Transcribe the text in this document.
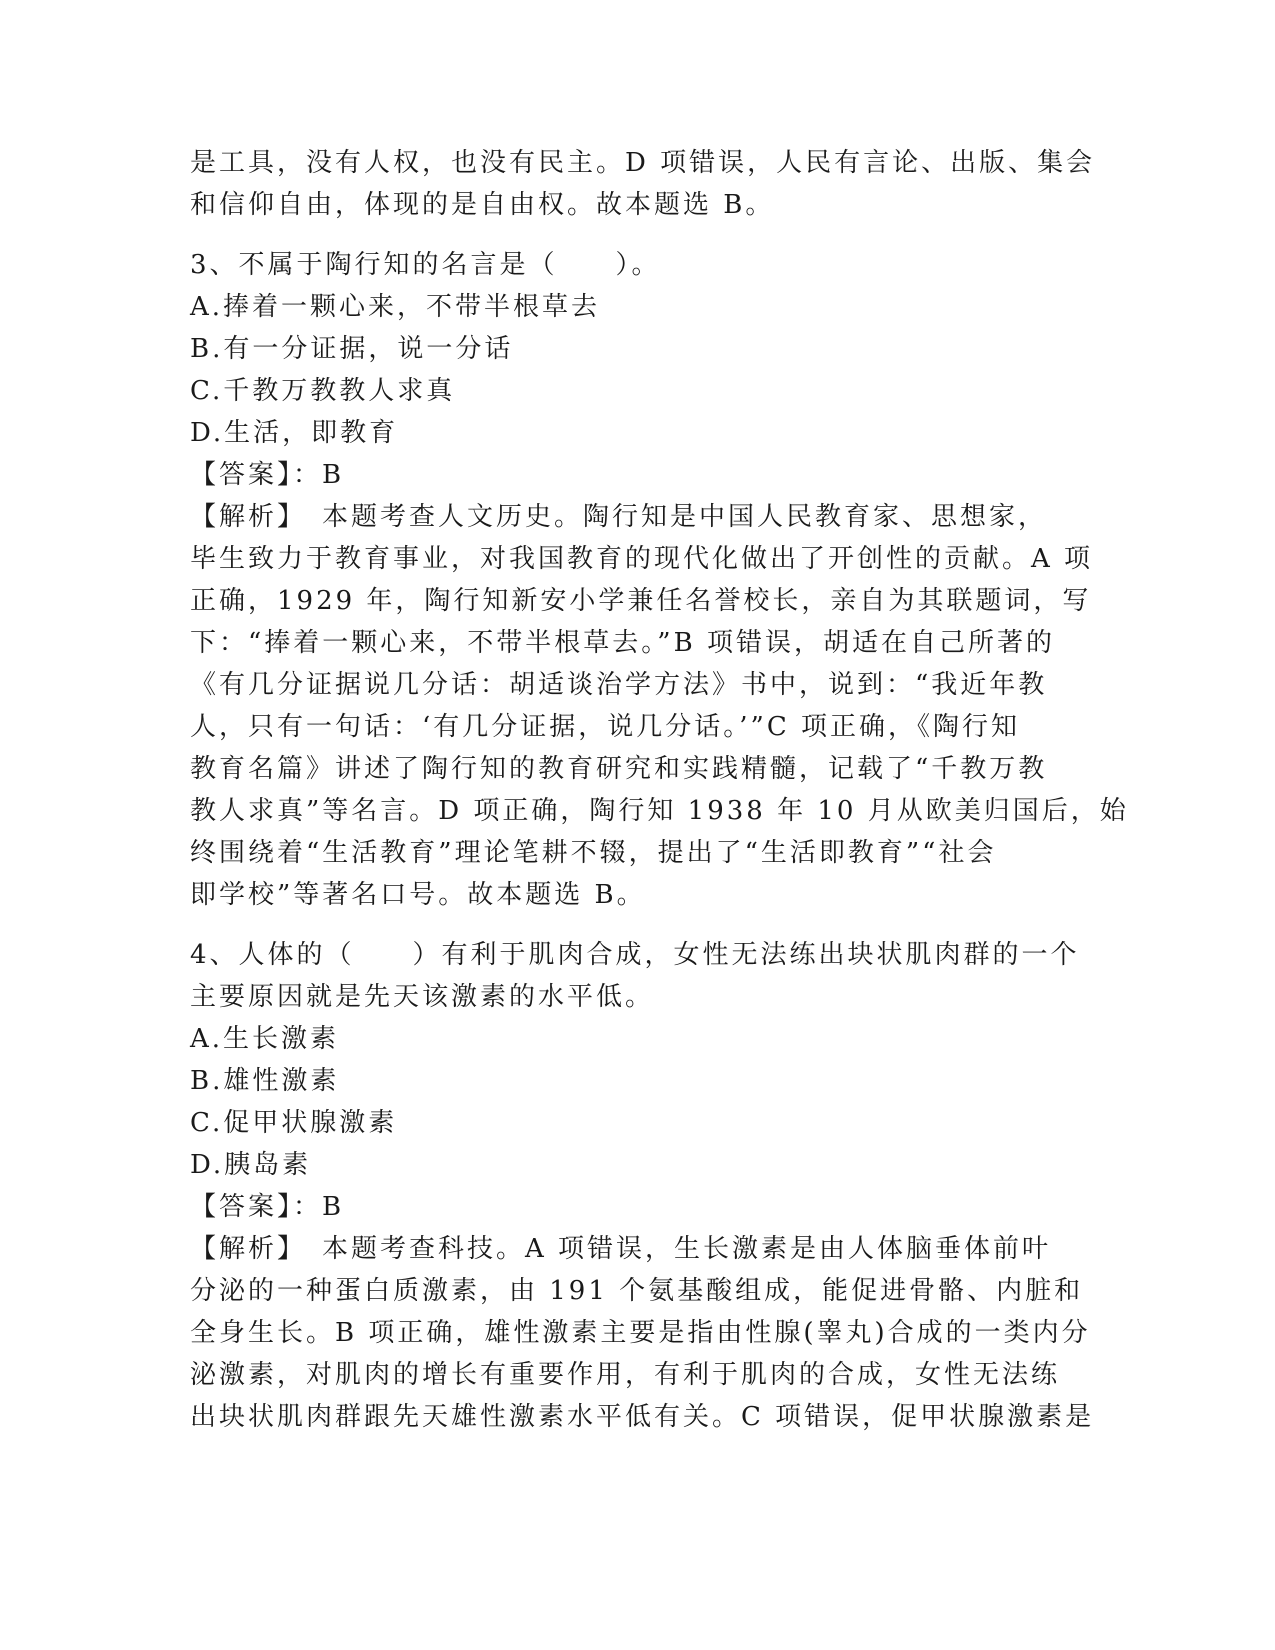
是工具，没有人权，也没有民主。D 项错误，人民有言论、出版、集会
和信仰自由，体现的是自由权。故本题选 B。
3、不属于陶行知的名言是（　　）。
A.捧着一颗心来，不带半根草去
B.有一分证据，说一分话
C.千教万教教人求真
D.生活，即教育
【答案】：B
【解析】　本题考查人文历史。陶行知是中国人民教育家、思想家，
毕生致力于教育事业，对我国教育的现代化做出了开创性的贡献。A 项
正确，1929 年，陶行知新安小学兼任名誉校长，亲自为其联题词，写
下：“捧着一颗心来，不带半根草去。”B 项错误，胡适在自己所著的
《有几分证据说几分话：胡适谈治学方法》书中，说到：“我近年教
人，只有一句话：‘有几分证据，说几分话。’”C 项正确，《陶行知
教育名篇》讲述了陶行知的教育研究和实践精髓，记载了“千教万教
教人求真”等名言。D 项正确，陶行知 1938 年 10 月从欧美归国后，始
终围绕着“生活教育”理论笔耕不辍，提出了“生活即教育”“社会
即学校”等著名口号。故本题选 B。
4、人体的（　　）有利于肌肉合成，女性无法练出块状肌肉群的一个
主要原因就是先天该激素的水平低。
A.生长激素
B.雄性激素
C.促甲状腺激素
D.胰岛素
【答案】：B
【解析】　本题考查科技。A 项错误，生长激素是由人体脑垂体前叶
分泌的一种蛋白质激素，由 191 个氨基酸组成，能促进骨骼、内脏和
全身生长。B 项正确，雄性激素主要是指由性腺(睾丸)合成的一类内分
泌激素，对肌肉的增长有重要作用，有利于肌肉的合成，女性无法练
出块状肌肉群跟先天雄性激素水平低有关。C 项错误，促甲状腺激素是
